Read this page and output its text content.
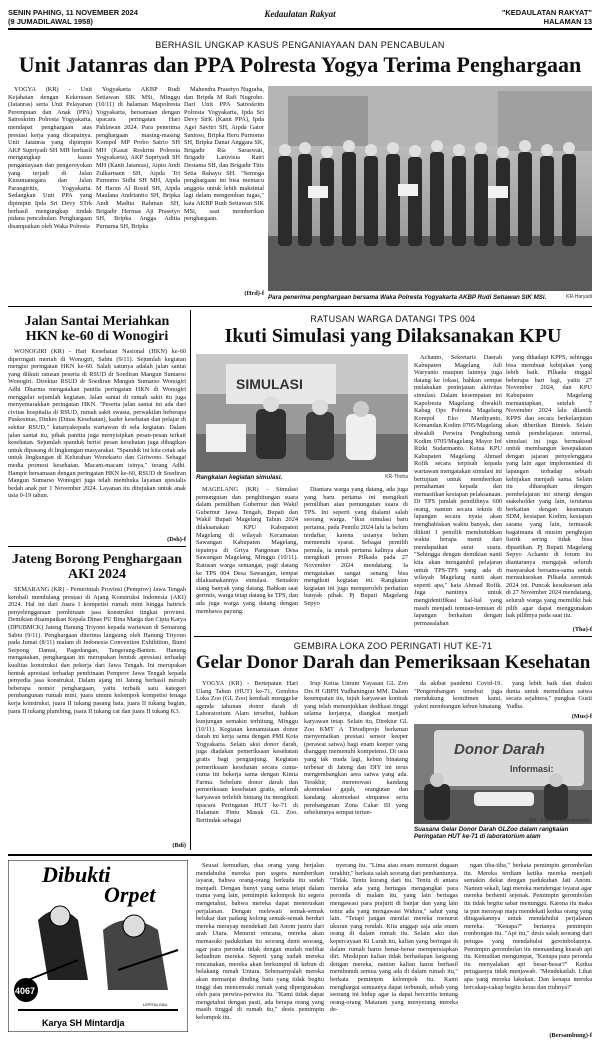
SENIN PAHING, 11 NOVEMBER 2024
(9 JUMADILAWAL 1958)
Kedaulatan Rakyat	"KEDAULATAN RAKYAT"
HALAMAN 13
BERHASIL UNGKAP KASUS PENGANIAYAAN DAN PENCABULAN
Unit Jatanras dan PPA Polresta Yogya Terima Penghargaan

YOGYA (KR) - Unit Kejahatan dengan Kekerasan (Jatanras) serta Unit Pelayanan Perempuan dan Anak (PPA) Satreskrim Polresta Yogyakarta, mendapat penghargaan atas prestasi kerja yang dicapainya. Unit Jatanras yang dipimpin AKP Supriyadi SH MH berhasil mengungkap kasus penganiayaan dan pengeroyokan yang terjadi di Jalan Kusumanegara dan Jalan Parangtritis, Yogyakarta. Sedangkan Unit PPA yang dipimpin Ipda Sri Devy STrk berhasil mengungkap tindak pidana pencabulan. Penghargaan disampaikan oleh Waka Polresta

Yogyakarta AKBP Rudi Setiawan SIK MSi, Minggu (10/11) di halaman Mapolresta Yogyakarta, bersamaan dengan upacara peringatan Hari Pahlawan 2024. Para penerima penghargaan masing-masing Kompol MP Probo Satrio SH MH (Kasat Reskrim Polresta Yogyakarta), AKP Supriyadi SH MH (Kanit Jatanras), Aiptu Andi Zulkarnaen SH, Aipda Tri Purnomo Sidhi SH MH, Aipda M Harun Al Rosid SH, Aipda Maulana Andriantio SH, Bripka Andi Madita Rahman SH, Brigadir Hermas Aji Prasetyo SH, Bripka Angga Aditia Purnama SH, Bripka

Mahendra Prasetyo Nugraha, dan Bripda M Rafi Nugroho. Dari Unit PPA Satreskrim Polresta Yogyakarta, Ipda Sri Devy StrK (Kanit PPA), Ipda Agei Savitri SH, Aipda Gator Santoso, Bripka Heru Purnomo SH, Bripka Danar Anggara SK, Brigadir Ria Saraswati, Brigadir Lanivisia Ratri Destama SH, dan Brigadir Titis Setia Rahayu SH. "Semoga penghargaan ini bisa memacu anggota untuk lebih maksimal lagi dalam mengemban tugas," kata AKBP Rudi Setiawan SIK MSi, saat memberikan penghargaan.

(Hrd)-f
Para penerima penghargaan bersama Waka Polresta Yogyakarta AKBP Rudi Setiawan SIK MSi.	KR-Haryadi
Jalan Santai Meriahkan HKN ke-60 di Wonogiri

WONOGIRI (KR) - Hari Kesehatan Nasional (HKN) ke-60 diperingati meriah di Wonogiri, Sabtu (9/11). Sejumlah kegiatan mengisi peringatan HKN ke-60. Salah satunya adalah jalan santai yang diikuti ratusan peserta di RSUD dr Soediran Mangun Sumarso Wonogiri. Direktur RSUD dr Soediran Mangun Sumarso Wonogiri Adhi Dharma mengatakan panitia peringatan HKN di Wonogiri menggelar sejumlah kegiatan. Jalan santai di rumah sakit itu juga menyemarakkan peringatan HKN. "Peserta jalan santai ini ada dari civitas hospitalia di RSUD, rumah sakit swasta, perwakilan beberapa Puskesmas, Dinkes (Dinas Kesehatan), kader kesehatan dan pelajar di sekitar RSUD," katanyakepada wartawan di sela kegiatan. Dalam jalan santai itu, pihak panitia juga menyisipkan pesan-pesan terkait kesehatan. Sejumlah spanduk berisi pesan kesehatan juga dibagikan untuk dipasang di lingkungan masyarakat. "Spanduk ini kita cetak ada untuk lingkungan di Kelurahan Wonokarto dan Giriwono. Sebagai media promosi kesehatan. Macam-macam isinya," terang Adhi. Hampir bersamaan dengan peringatan HKN ke-60, RSUD dr Soediran Mangun Sumarso Wonogiri juga telah membuka layanan spesialis bedah anak per 1 November 2024. Layanan itu ditujukan untuk anak usia 0-19 tahun.

(Dsh)-f
Jateng Borong Penghargaan AKI 2024

SEMARANG (KR) - Pemerintah Provinsi (Pemprov) Jawa Tengah kembali mendulang prestasi di Ajang Konstruksi Indonesia (AKI) 2024. Hal ini dari Juara I kompetisi rumah mini hingga hattrick penyelenggaraan pembinaan jasa konstruksi tingkat provinsi. Demikian disampaikan Kepala Dinas PU Bina Marga dan Cipta Karya (DPUBMCK) Jateng Hanung Triyono kepada wartawan di Semarang Sabtu (9/11). Penghargaan diterima langsung oleh Hanung Triyono pada Jumat (8/11) malam di Indonesia Convention Exhibition, Bumi Serpong Damai, Pagedangan, Tangerang-Banten. Hanung mengatakan, penghargaan ini merupakan bentuk apresiasi terhadap kualitas konstruksi dan pekerja dari Jawa Tengah. Ini merupakan bentuk apresiasi terhadap pembinaan Pemprov Jawa Tengah kepada penyedia jasa konstruksi. Dalam ajang ini Jateng berhasil meraih beberapa nomor penghargaan, yaitu terbaik satu kategori pembangunan rumah mini, juara umum kelompok kompetisi tenaga kerja konstruksi, juara II tukang pasang bata, juara II tukang bagian, juara II tukang plumbing, juara II tukang cat dan juara II tukang K3.

(Bdi)
RATUSAN WARGA DATANGI TPS 004
Ikuti Simulasi yang Dilaksanakan KPU
SIMULASI
Rangkaian kegiatan simulasi.	KR-Thoha

MAGELANG (KR) - Simulasi pemungutan dan penghitungan suara dalam pemilihan Gubernur dan Wakil Gubernur Jawa Tengah, Bupati dan Wakil Bupati Magelang Tahun 2024 dilaksanakan KPU Kabupaten Magelang di wilayah Kecamatan Sawangan Kabupaten Magelang, tepatnya di Griya Pangonan Desa Sawangan Magelang, Minggu (10/11). Ratusan warga semangat, pagi datang ke TPS 004 Desa Sawangan, tempat dilaksanakannya simulasi. Semakin siang banyak yang datang. Bahkan saat gerimis, warga tetap datang ke TPS, dan ada juga warga yang datang dengan membawa payung.

Diantara warga yang datang, ada juga yang baru pertama ini mengikuti pemilihan atau pemungutan suara di TPS. Ini seperti yang dialami salah seorang warga. "Ikut simulasi baru pertama, pada Pemilu 2024 lalu ia belum terdaftar, karena usianya belum memenuhi syarat. Sebagai pemilih pemula, ia untuk pertama kalinya akan mengikuti proses Pilkada pada 27 November 2024 mendatang. Ia mengatakan sangat senang bisa mengikuti kegiatan ini. Rangkaian kegiatan ini juga memperoleh perhatian banyak pihak. Pj Bupati Magelang Sepyo

Achanto, Sekretaris Daerah Kabupaten Magelang Adi Waryanto maupun lainnya juga datang ke lokasi, bahkan sempat melakukan peninjauan aktivitas simulasi. Dalam kesempatan ini Kapolresta Magelang diwakili Kabag Ops Polresta Magelang Kompol Eko Mardiyanto, Komandan Kodim 0705/Magelang diwakili Perwira Penghubung Kodim 0705/Magelang Mayor Inf Rizki Sudarmanto. Ketua KPU Kabupaten Magelang Ahmad Rofik secara terpisah kepada wartawan mengatakan simulasi ini bertujuan untuk memberikan pemahaman kepada dan memastikan kesiapan pelaksanaan. Di TPS jumlah pemilihnya 600 orang, namun secara teknis di lapangan secara nyata akan menghabiskan waktu banyak, dan diikuti 1 pemilih membutuhkan waktu berapa menit dari mendapatkan surat suara. "Sehingga dengan demikian nanti kita akan mengambil pelajaran untuk TPS-TPS yang ada di wilayah Magelang nanti akan seperti apa," kata Ahmad Rofik. Juga nantinya untuk mengidentifikasi hal-hal yang masih menjadi temuan-temuan di lapangan berkaitan dengan permasalahan

yang dihadapi KPPS, sehingga bisa membuat kebijakan yang lebih baik. Pilkada tinggal beberapa hari lagi, yaitu 27 November 2024, dan KPU Kabupaten Magelang memantapkan, setelah 7 November 2024 lalu dilantik KPPS dan secara berkelanjutan akan diberikan Bimtek. Selain untuk pembelajaran internal, simulasi ini juga bermaksud untuk membangun kesepakatan dengan jajaran penyelenggara yang lain agar implementasi di lapangan terhadap sebuah kebijakan menjadi sama. Selain itu diharapkan dengan pembelajaran ini sinergi dengan stakeholder yang lain, terutama berkaitan dengan keamanan SDM, kesiapan Kodim, kesiapan sarana yang lain, termasuk bagaimana di musim penghujan listrik sering tidak bisa dipastikan. Pj Bupati Magelang Sepyo Achanto di forum itu diantaranya mengajak seluruh masyarakat bersama-sama untuk mensukseskan Pilkada serentak 2024 ini. Puncak kesuksesan ada di 27 November 2024 mendatang, seluruh warga yang memiliki hak pilih agar dapat menggunakan hak pilihnya pada saat itu.

(Tha)-f
GEMBIRA LOKA ZOO PERINGATI HUT KE-71
Gelar Donor Darah dan Pemeriksaan Kesehatan

YOGYA (KR) - Bertepatan Hari Ulang Tahun (HUT) ke-71, Gembira Loka Zoo (GL Zoo) kembali menggelar agenda tahunan donor darah di Laboratorium Alam tersebut, bahkan kunjungan semakin terhitung, Minggu (10/11). Kegiatan kemanusiaan donor darah ini kerja sama dengan PMI Kota Yogyakarta. Selain aksi donor darah, juga diadakan pemeriksaan kesehatan gratis bagi pengunjung. Kegiatan pemeriksaan kesehatan secara cuma-cuma ini bekerja sama dengan Kimia Farma. Sebelum donor darah dan pemeriksaan kesehatan gratis, seluruh karyawan terlebih bintang itu mengikuti upacara Peringatan HUT ke-71 di Halaman Pintu Masuk GL Zoo. Bertindak sebagai

Irup Ketua Umum Yayasan GL Zoo Drs H GBPH Yudhaningrat MM. Dalam kesempatan itu, tujuh karyawan kontrak yang telah menunjukkan dedikasi tinggi selama kerjanya, diangkat menjadi karyawan tetap. Selain itu, Direktur GL Zoo KMT A Tirtodiprojo berkenan menyematkan prestasi sensor keeper (perawat satwa) bagi enam keeper yang dianggap memenuhi kompetensi. Di usia yang tak muda lagi, kebun binatang terbesar di Jateng dan DIY ini terus mengembangkan area satwa yang ada. Terakhir, merenovasi kandang akomodasi gajah, orangutan dan kandang akomodasi simpanse serta pembangunan Zona Cakar III yang sebelumnya sempat tertun-

da akibat pandemi Covid-19. "Pengembangan tersebut juga mendukung komitmen kami, yakni membangun kebun binatang

yang lebih baik dan diakui dunia untuk memelihara satwa secara sejahtera," pungkas Gusti Yudha.

(Mus)-f
Donor Darah
Informasi:
Suasana Gelar Donor Darah GLZoo dalam rangkaian Peringatan HUT ke-71 di laboratorium alam
KR - Franz Bowdenkolriello
Dibukti
Orpet
4067
LEPITALGAU
Karya SH Mintardja

Seusai kemudian, dua orang yang berjalan mendahului mereka pun segera memberikan isyarat, bahwa orang-orang berkuda itu sudah menjadi. Dengan bunyi yang sama tetapi dalam irama yang lain, pemimpin kelompok itu segera mengetahui, bahwa mereka dapat meneruskan perjalanan. Dengan melewati semak-semak belukar dan padang kolong semak-semak berduri mereka merayap mendekati Jati Anom justru dari arah Utara. Menurut rencana, mereka akan memasuki padukuhan itu seorang demi seorang, agar para peronda tidak dengan mudah melihat kehadiran mereka. Seperti yang sudah mereka rencanakan, mereka akan berkumpul di kebun di belakang rumah Untara. Sebenarnyalah mereka akan memanjat dinding batu yang tidak begitu tinggi dan mencemaki rumah yang dipergunakan oleh para perwira-perwira itu. "Kami tidak dapat mengetahui dengan pasti, ada berapa orang yang masih tinggal di rumah itu," desis pemimpin kelompok itu.

nyerang itu. "Lima atau enam menurut dugaan terakhir," berkata salah seorang dari pembantunya. "Tidak. Tentu kurang dari itu. Tentu di antara mereka ada yang bertugas mengangkat para peronda di malam itu, yang lain bertugas mengawasi para prajurit di banjar dan yang lain tentu ada yang mengawasi Widura," sahut yang lain. "Tetapi jangan menilai mereka menurut ukuran yang rendah. Kita anggap saja ada enam orang di dalam rumah itu. Selain aku dan kepercayaan Ki Lurah itu, kalian yang bertugas di dalam rumah harus benar-benar mempersiapkan diri. Meskipun kalian tidak berhadapan langsung dengan mereka, namun kalian harus berhasil membunuh semua yang ada di dalam rumah itu," berkata pemimpin kelompok itu. Kami menghargai semuanya dapat terbunuh, sebab yang seorang ini hidup agar ia dapat bercerita tentang orang-orang Mataram yang menyerang mereka de-

ngan tiba-tiba," berkata pemimpin gerombolan itu. Mereka terdiam ketika mereka menjadi semakin dekat dengan padukuhan Jati Anom. Namun sekali, lagi mereka mendengar isyarat agar mereka berhenti sejenak. Pemimpin gerombolan itu tidak begitu sabar menunggu. Karena itu maka ia pun merayap maju mendekati kedua orang yang ditugaskannya untuk mendahului perjalanan mereka. "Kenapa?" bertanya pemimpin rombongan itu. "Api itu," desis salah seorang dari petugas yang mendahului gerombolannya. Pemimpin gerombolan itu memandang kearah api itu. Kemudian mengumpat, "Kenapa para peronda itu menyalakan api besar-besar?" Kedua petugasnya tidak menjawab. "Mendekatlah. Lihat apa yang mereka lakukan. Dan kenapa mereka bercakap-cakap begitu keras dan riuhnya?"

(Bersambung)-f
